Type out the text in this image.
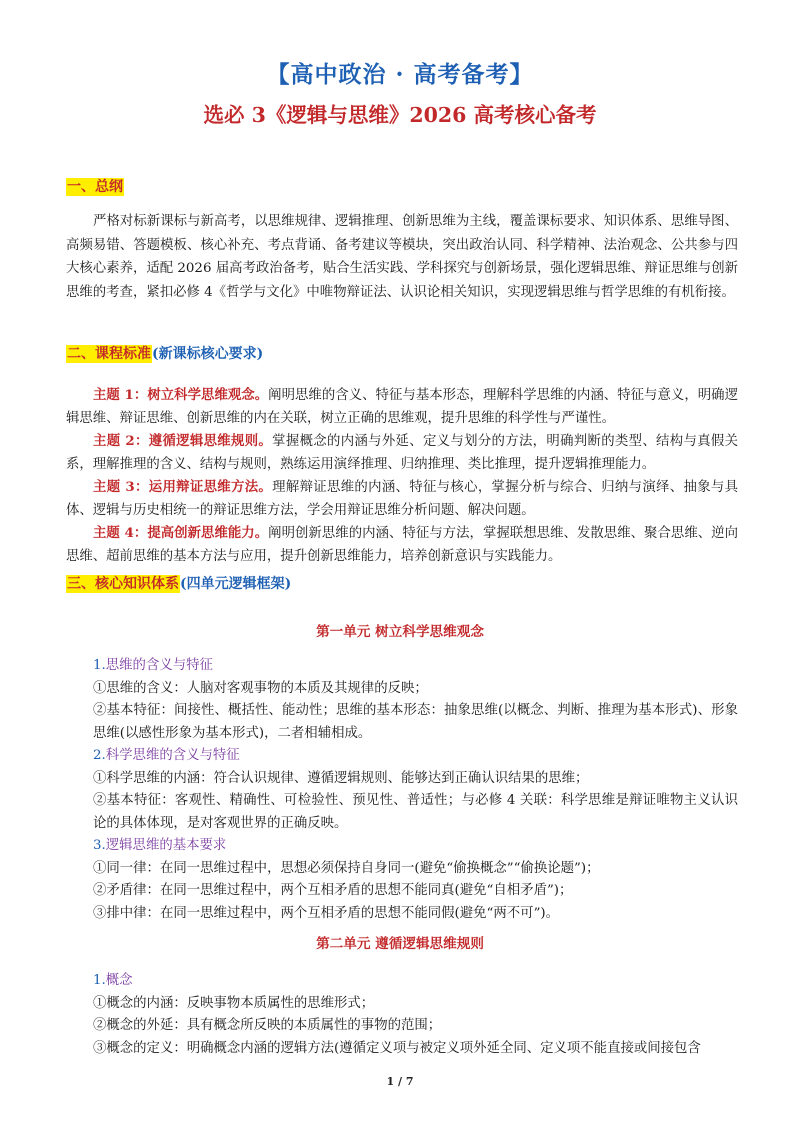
【高中政治 · 高考备考】
选必 3《逻辑与思维》2026 高考核心备考
一、总纲
严格对标新课标与新高考，以思维规律、逻辑推理、创新思维为主线，覆盖课标要求、知识体系、思维导图、高频易错、答题模板、核心补充、考点背诵、备考建议等模块，突出政治认同、科学精神、法治观念、公共参与四大核心素养，适配 2026 届高考政治备考，贴合生活实践、学科探究与创新场景，强化逻辑思维、辩证思维与创新思维的考查，紧扣必修 4《哲学与文化》中唯物辩证法、认识论相关知识，实现逻辑思维与哲学思维的有机衔接。
二、课程标准(新课标核心要求)

主题 1：树立科学思维观念。阐明思维的含义、特征与基本形态，理解科学思维的内涵、特征与意义，明确逻辑思维、辩证思维、创新思维的内在关联，树立正确的思维观，提升思维的科学性与严谨性。

主题 2：遵循逻辑思维规则。掌握概念的内涵与外延、定义与划分的方法，明确判断的类型、结构与真假关系，理解推理的含义、结构与规则，熟练运用演绎推理、归纳推理、类比推理，提升逻辑推理能力。

主题 3：运用辩证思维方法。理解辩证思维的内涵、特征与核心，掌握分析与综合、归纳与演绎、抽象与具体、逻辑与历史相统一的辩证思维方法，学会用辩证思维分析问题、解决问题。

主题 4：提高创新思维能力。阐明创新思维的内涵、特征与方法，掌握联想思维、发散思维、聚合思维、逆向思维、超前思维的基本方法与应用，提升创新思维能力，培养创新意识与实践能力。

三、核心知识体系(四单元逻辑框架)
第一单元 树立科学思维观念

1.思维的含义与特征

①思维的含义：人脑对客观事物的本质及其规律的反映；

②基本特征：间接性、概括性、能动性；思维的基本形态：抽象思维(以概念、判断、推理为基本形式)、形象思维(以感性形象为基本形式)，二者相辅相成。

2.科学思维的含义与特征

①科学思维的内涵：符合认识规律、遵循逻辑规则、能够达到正确认识结果的思维；

②基本特征：客观性、精确性、可检验性、预见性、普适性；与必修 4 关联：科学思维是辩证唯物主义认识论的具体体现，是对客观世界的正确反映。

3.逻辑思维的基本要求

①同一律：在同一思维过程中，思想必须保持自身同一(避免“偷换概念”“偷换论题”)；

②矛盾律：在同一思维过程中，两个互相矛盾的思想不能同真(避免“自相矛盾”)；

③排中律：在同一思维过程中，两个互相矛盾的思想不能同假(避免“两不可”)。

第二单元 遵循逻辑思维规则

1.概念

①概念的内涵：反映事物本质属性的思维形式；

②概念的外延：具有概念所反映的本质属性的事物的范围；

③概念的定义：明确概念内涵的逻辑方法(遵循定义项与被定义项外延全同、定义项不能直接或间接包含

1 / 7
